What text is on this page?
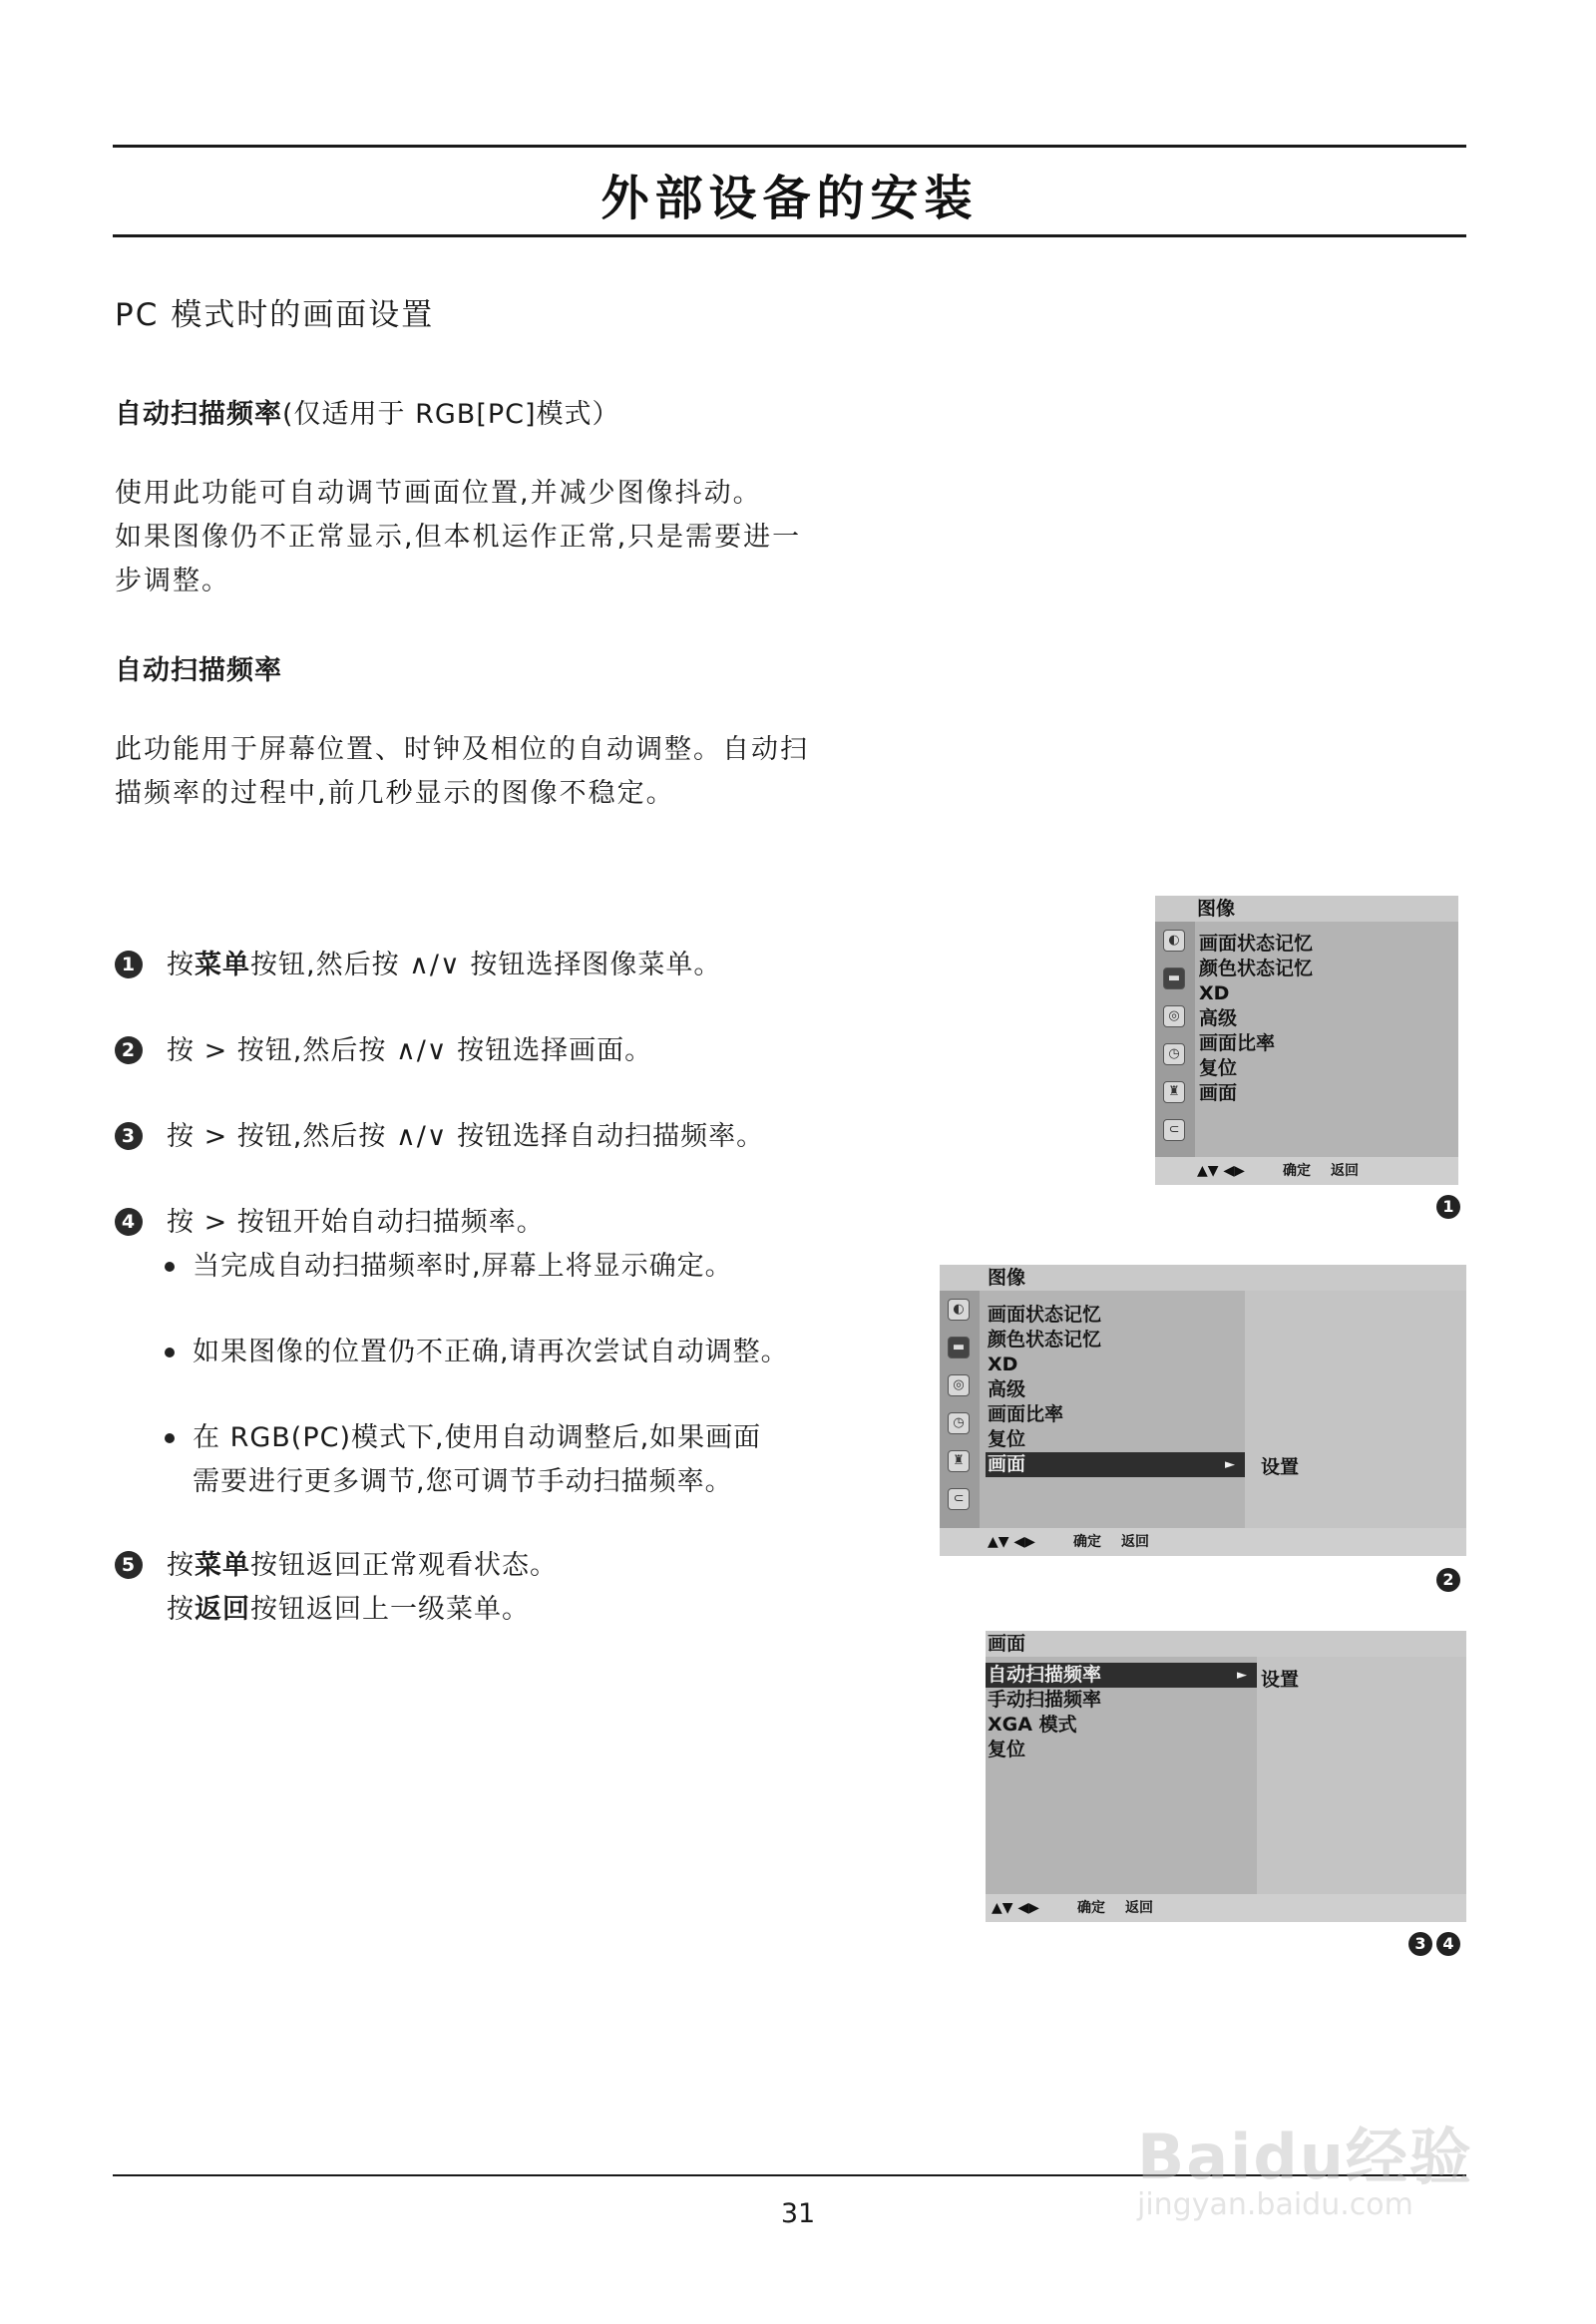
外部设备的安装
PC 模式时的画面设置
自动扫描频率(仅适用于 RGB[PC]模式）
使用此功能可自动调节画面位置,并减少图像抖动。
如果图像仍不正常显示,但本机运作正常,只是需要进一
步调整。
自动扫描频率
此功能用于屏幕位置、时钟及相位的自动调整。自动扫
描频率的过程中,前几秒显示的图像不稳定。
1 按菜单按钮,然后按 ∧/∨ 按钮选择图像菜单。
2 按 > 按钮,然后按 ∧/∨ 按钮选择画面。
3 按 > 按钮,然后按 ∧/∨ 按钮选择自动扫描频率。
4 按 > 按钮开始自动扫描频率。
当完成自动扫描频率时,屏幕上将显示确定。
如果图像的位置仍不正确,请再次尝试自动调整。
在 RGB(PC)模式下,使用自动调整后,如果画面
需要进行更多调节,您可调节手动扫描频率。
5 按菜单按钮返回正常观看状态。
按返回按钮返回上一级菜单。
图像
◐
▬
◎
◷
♜
⊂
画面状态记忆
颜色状态记忆
XD
高级
画面比率
复位
画面
▲▼ ◀▶	确定 返回
1
图像
◐
▬
◎
◷
♜
⊂
画面状态记忆
颜色状态记忆
XD
高级
画面比率
复位
画面	► 设置
▲▼ ◀▶	确定 返回
2
画面
自动扫描频率	►
手动扫描频率
XGA 模式
复位
设置
▲▼ ◀▶	确定 返回
3	4
31
Baidu经验
jingyan.baidu.com
